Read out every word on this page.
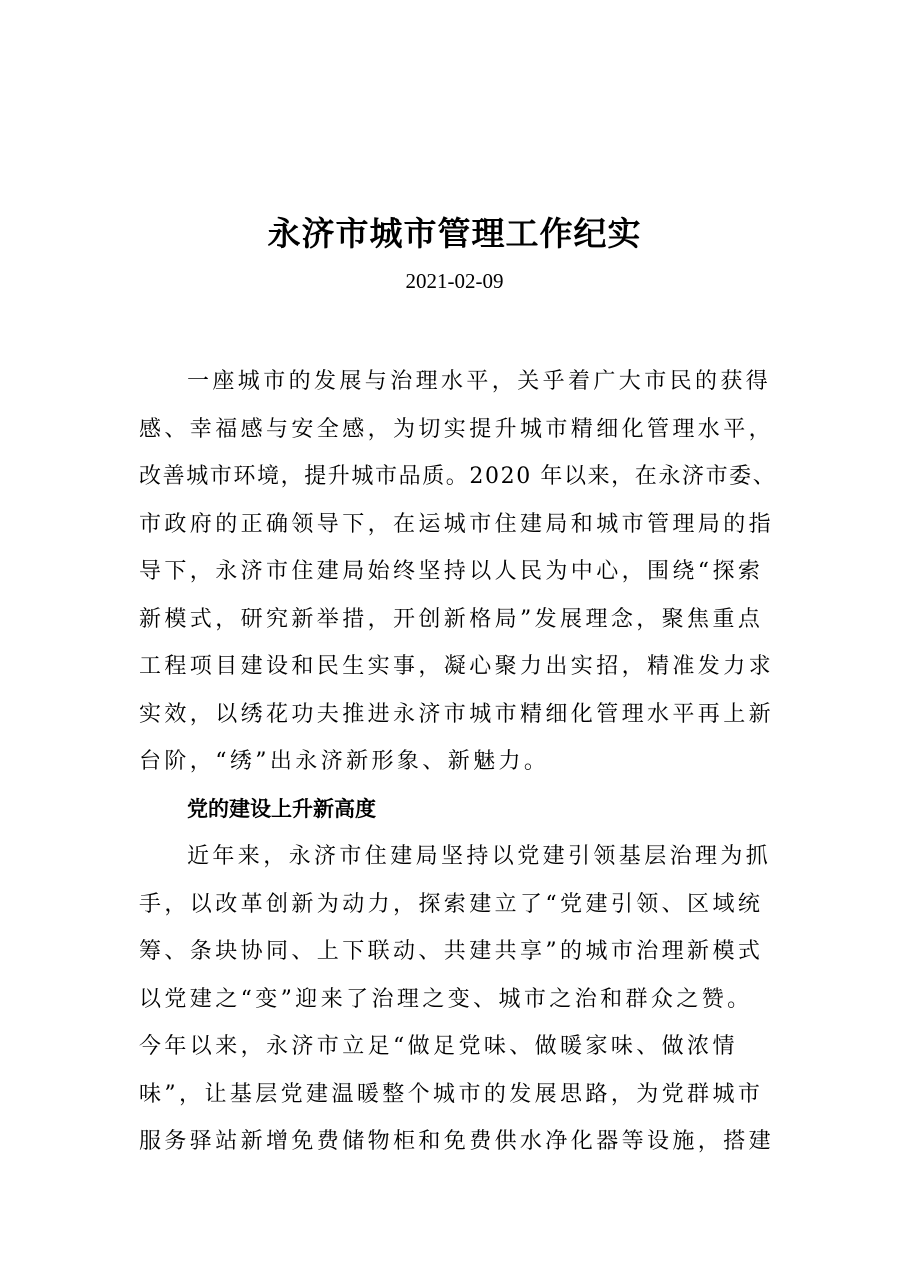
永济市城市管理工作纪实
2021-02-09
一座城市的发展与治理水平，关乎着广大市民的获得
感、幸福感与安全感，为切实提升城市精细化管理水平，
改善城市环境，提升城市品质。2020 年以来，在永济市委、
市政府的正确领导下，在运城市住建局和城市管理局的指
导下，永济市住建局始终坚持以人民为中心，围绕“探索
新模式，研究新举措，开创新格局”发展理念，聚焦重点
工程项目建设和民生实事，凝心聚力出实招，精准发力求
实效，以绣花功夫推进永济市城市精细化管理水平再上新
台阶，“绣”出永济新形象、新魅力。
党的建设上升新高度
近年来，永济市住建局坚持以党建引领基层治理为抓
手，以改革创新为动力，探索建立了“党建引领、区域统
筹、条块协同、上下联动、共建共享”的城市治理新模式
以党建之“变”迎来了治理之变、城市之治和群众之赞。
今年以来，永济市立足“做足党味、做暖家味、做浓情
味”，让基层党建温暖整个城市的发展思路，为党群城市
服务驿站新增免费储物柜和免费供水净化器等设施，搭建
